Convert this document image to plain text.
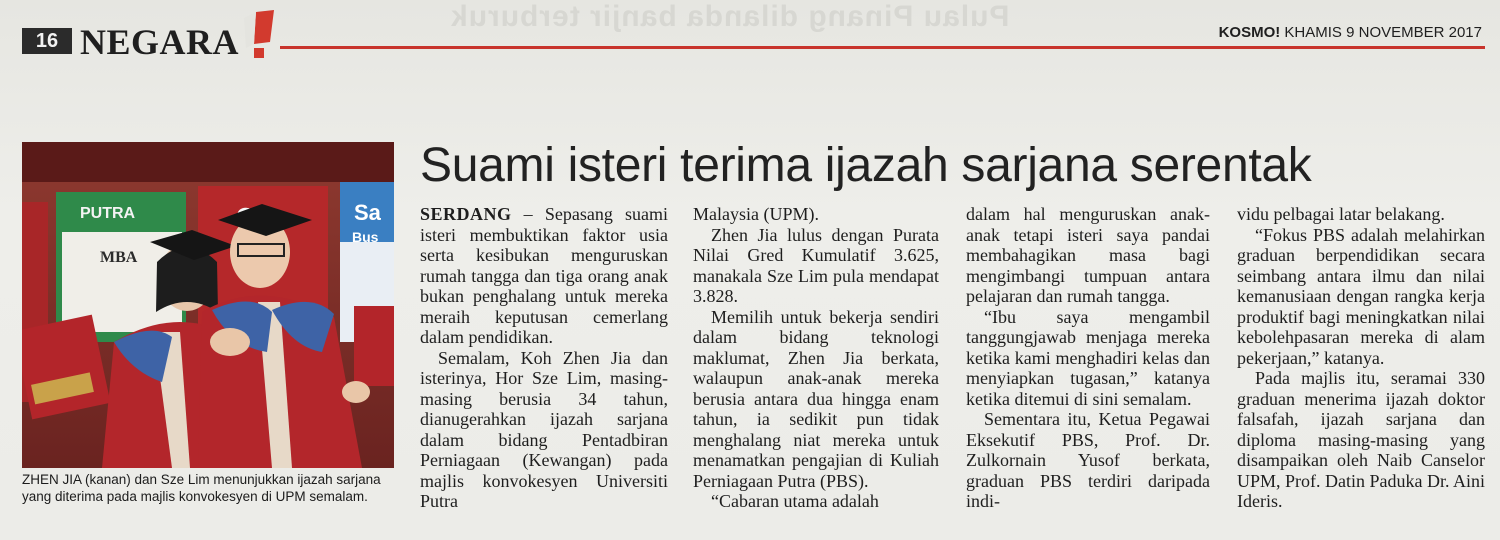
Pulau Pinang dilanda banjir terburuk
16 NEGARA	KOSMO! KHAMIS 9 NOVEMBER 2017
PUTRA
MBA
Sa
Bus
ZHEN JIA (kanan) dan Sze Lim menunjukkan ijazah sarjana yang diterima pada majlis konvokesyen di UPM semalam.
Suami isteri terima ijazah sarjana serentak

SERDANG – Sepasang suami isteri membuktikan faktor usia serta kesibukan menguruskan rumah tangga dan tiga orang anak bukan penghalang untuk mereka meraih keputusan cemerlang dalam pendidikan.

Semalam, Koh Zhen Jia dan isterinya, Hor Sze Lim, masing-masing berusia 34 tahun, dianugerahkan ijazah sarjana dalam bidang Pentadbiran Perniagaan (Kewangan) pada majlis konvokesyen Universiti Putra

Malaysia (UPM).

Zhen Jia lulus dengan Purata Nilai Gred Kumulatif 3.625, manakala Sze Lim pula mendapat 3.828.

Memilih untuk bekerja sendiri dalam bidang teknologi maklumat, Zhen Jia berkata, walaupun anak-anak mereka berusia antara dua hingga enam tahun, ia sedikit pun tidak menghalang niat mereka untuk menamatkan pengajian di Kuliah Perniagaan Putra (PBS).

“Cabaran utama adalah

dalam hal menguruskan anak-anak tetapi isteri saya pandai membahagikan masa bagi mengimbangi tumpuan antara pelajaran dan rumah tangga.

“Ibu saya mengambil tanggungjawab menjaga mereka ketika kami menghadiri kelas dan menyiapkan tugasan,” katanya ketika ditemui di sini semalam.

Sementara itu, Ketua Pegawai Eksekutif PBS, Prof. Dr. Zulkornain Yusof berkata, graduan PBS terdiri daripada indi-

vidu pelbagai latar belakang.

“Fokus PBS adalah melahirkan graduan berpendidikan secara seimbang antara ilmu dan nilai kemanusiaan dengan rangka kerja produktif bagi meningkatkan nilai kebolehpasaran mereka di alam pekerjaan,” katanya.

Pada majlis itu, seramai 330 graduan menerima ijazah doktor falsafah, ijazah sarjana dan diploma masing-masing yang disampaikan oleh Naib Canselor UPM, Prof. Datin Paduka Dr. Aini Ideris.
